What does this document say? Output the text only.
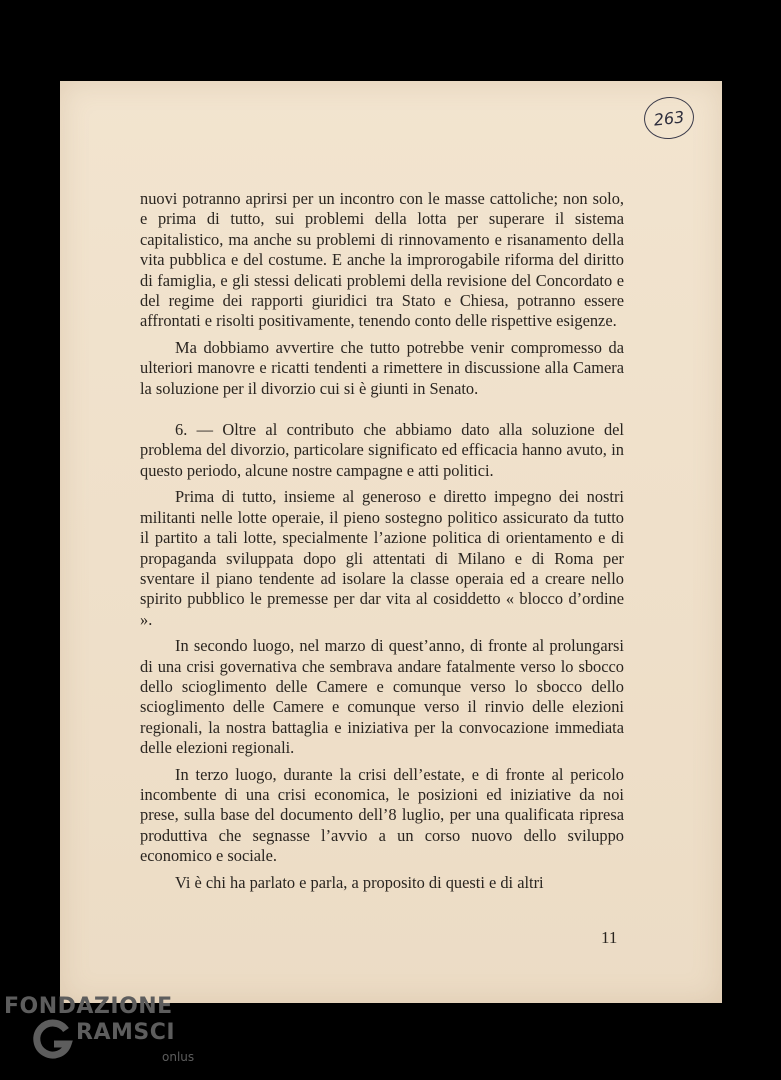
263

nuovi potranno aprirsi per un incontro con le masse cattoliche; non solo, e prima di tutto, sui problemi della lotta per superare il sistema capitalistico, ma anche su problemi di rinnovamento e risanamento della vita pubblica e del costume. E anche la improrogabile riforma del diritto di famiglia, e gli stessi delicati problemi della revisione del Concordato e del regime dei rapporti giuridici tra Stato e Chiesa, potranno essere affrontati e risolti positivamente, tenendo conto delle rispettive esigenze.

Ma dobbiamo avvertire che tutto potrebbe venir compromesso da ulteriori manovre e ricatti tendenti a rimettere in discussione alla Camera la soluzione per il divorzio cui si è giunti in Senato.

6. — Oltre al contributo che abbiamo dato alla soluzione del problema del divorzio, particolare significato ed efficacia hanno avuto, in questo periodo, alcune nostre campagne e atti politici.

Prima di tutto, insieme al generoso e diretto impegno dei nostri militanti nelle lotte operaie, il pieno sostegno politico assicurato da tutto il partito a tali lotte, specialmente l’azione politica di orientamento e di propaganda sviluppata dopo gli attentati di Milano e di Roma per sventare il piano tendente ad isolare la classe operaia ed a creare nello spirito pubblico le premesse per dar vita al cosiddetto « blocco d’ordine ».

In secondo luogo, nel marzo di quest’anno, di fronte al prolungarsi di una crisi governativa che sembrava andare fatalmente verso lo sbocco dello scioglimento delle Camere e comunque verso lo sbocco dello scioglimento delle Camere e comunque verso il rinvio delle elezioni regionali, la nostra battaglia e iniziativa per la convocazione immediata delle elezioni regionali.

In terzo luogo, durante la crisi dell’estate, e di fronte al pericolo incombente di una crisi economica, le posizioni ed iniziative da noi prese, sulla base del documento dell’8 luglio, per una qualificata ripresa produttiva che segnasse l’avvio a un corso nuovo dello sviluppo economico e sociale.

Vi è chi ha parlato e parla, a proposito di questi e di altri

11
FONDAZIONE
RAMSCI
onlus
